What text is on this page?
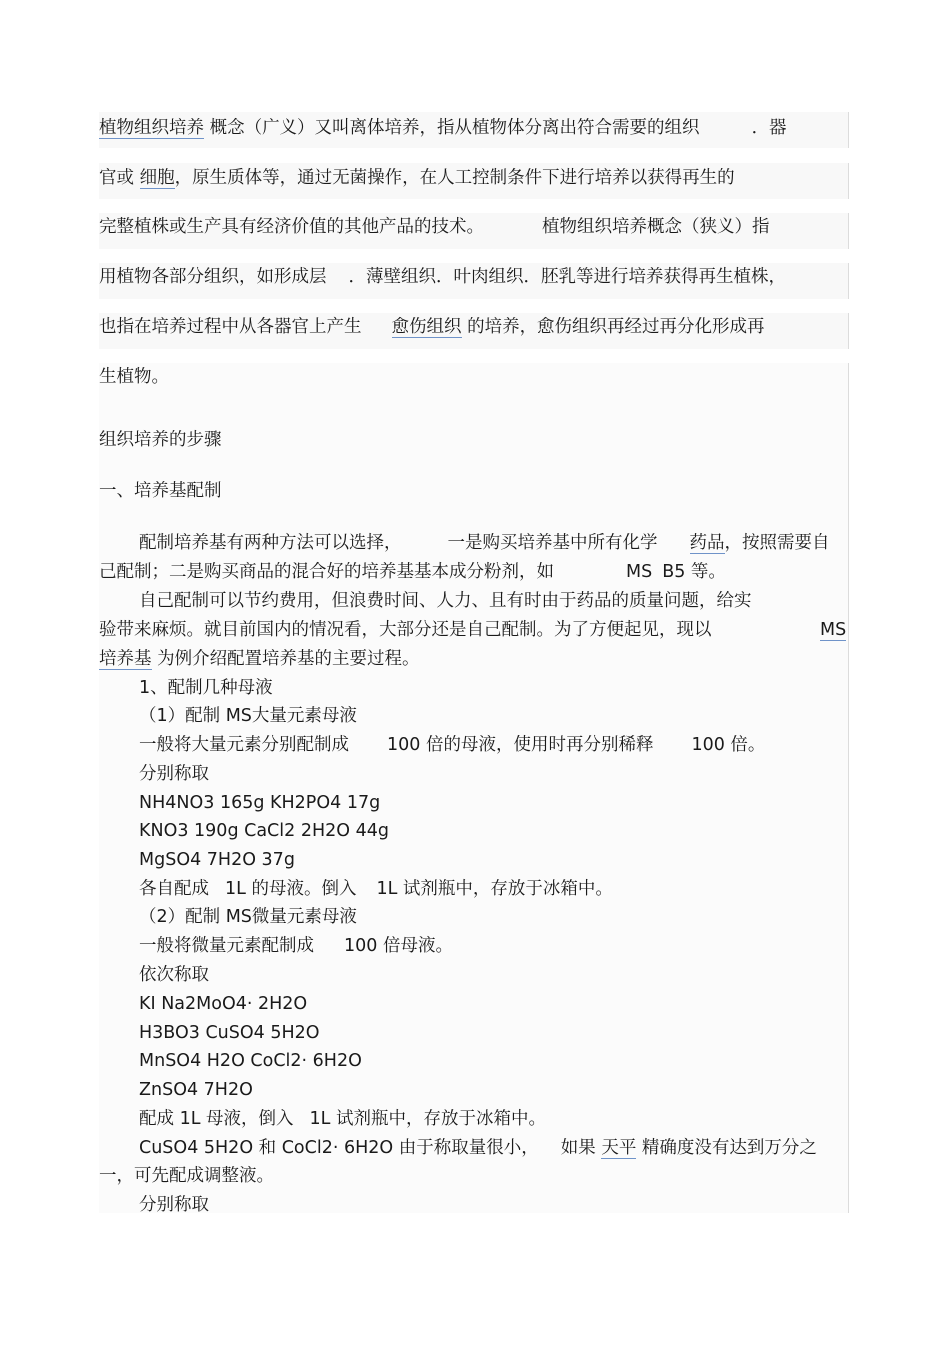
植物组织培养 概念（广义）又叫离体培养，指从植物体分离出符合需要的组织	．器
官或 细胞，原生质体等，通过无菌操作，在人工控制条件下进行培养以获得再生的
完整植株或生产具有经济价值的其他产品的技术。	植物组织培养概念（狭义）指
用植物各部分组织，如形成层 ．薄壁组织．叶肉组织．胚乳等进行培养获得再生植株，
也指在培养过程中从各器官上产生 愈伤组织 的培养，愈伤组织再经过再分化形成再
生植物。
组织培养的步骤
一、培养基配制
配制培养基有两种方法可以选择，	一是购买培养基中所有化学 药品，按照需要自
己配制；二是购买商品的混合好的培养基基本成分粉剂，如	MS B5 等。
自己配制可以节约费用，但浪费时间、人力、且有时由于药品的质量问题，给实
验带来麻烦。就目前国内的情况看，大部分还是自己配制。为了方便起见，现以	MS
培养基 为例介绍配置培养基的主要过程。
1、配制几种母液
（1）配制 MS大量元素母液
一般将大量元素分别配制成 100 倍的母液，使用时再分别稀释 100 倍。
分别称取
NH4NO3 165g KH2PO4 17g
KNO3 190g CaCl2 2H2O 44g
MgSO4 7H2O 37g
各自配成 1L 的母液。倒入 1L 试剂瓶中，存放于冰箱中。
（2）配制 MS微量元素母液
一般将微量元素配制成 100 倍母液。
依次称取
KI Na2MoO4· 2H2O
H3BO3 CuSO4 5H2O
MnSO4 H2O CoCl2· 6H2O
ZnSO4 7H2O
配成 1L 母液，倒入 1L 试剂瓶中，存放于冰箱中。
CuSO4 5H2O 和 CoCl2· 6H2O 由于称取量很小， 如果 天平 精确度没有达到万分之
一，可先配成调整液。
分别称取
